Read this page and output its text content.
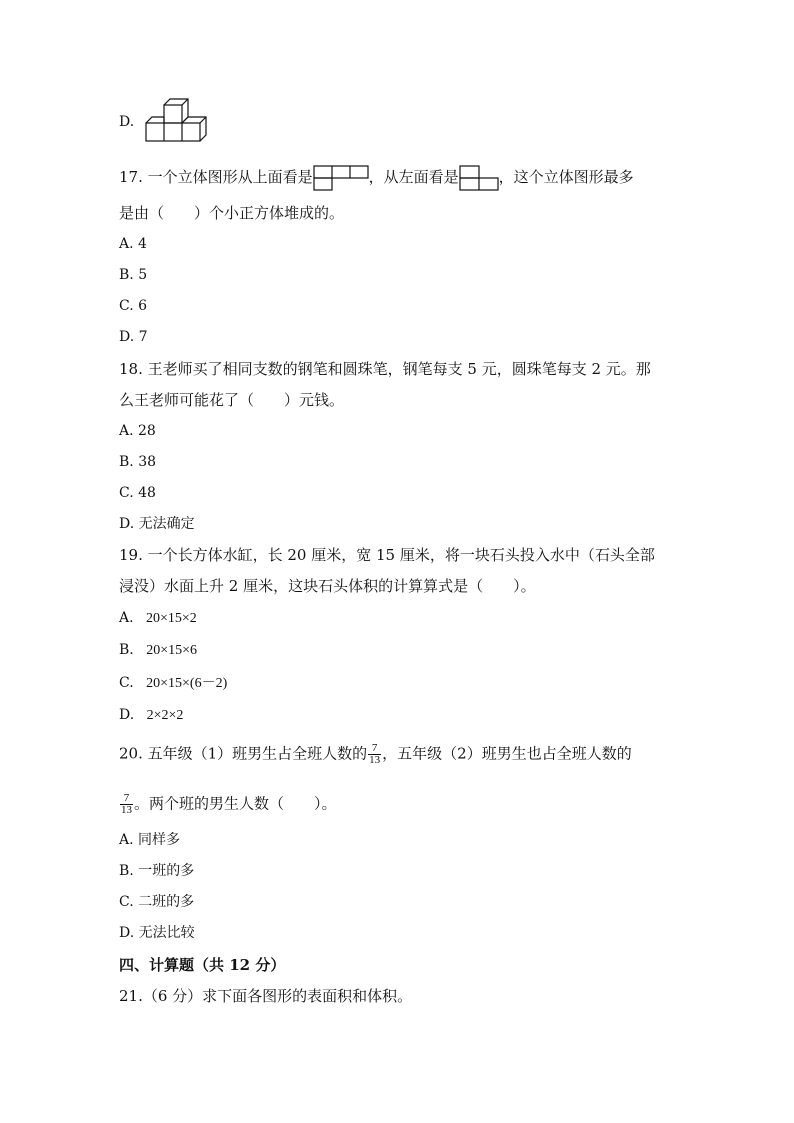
D.
17. 一个立体图形从上面看是	，从左面看是	，这个立体图形最多
是由（　　）个小正方体堆成的。
A. 4
B. 5
C. 6
D. 7
18. 王老师买了相同支数的钢笔和圆珠笔，钢笔每支 5 元，圆珠笔每支 2 元。那
么王老师可能花了（　　）元钱。
A. 28
B. 38
C. 48
D. 无法确定
19. 一个长方体水缸，长 20 厘米，宽 15 厘米，将一块石头投入水中（石头全部
浸没）水面上升 2 厘米，这块石头体积的计算算式是（　　）。
A. 20×15×2
B. 20×15×6
C. 20×15×(6－2)
D. 2×2×2
20. 五年级（1）班男生占全班人数的 $\frac{7}{13}$ ，五年级（2）班男生也占全班人数的
$\frac{7}{13}$ 。两个班的男生人数（　　）。
A. 同样多
B. 一班的多
C. 二班的多
D. 无法比较
四、计算题（共 12 分）
21.（6 分）求下面各图形的表面积和体积。
